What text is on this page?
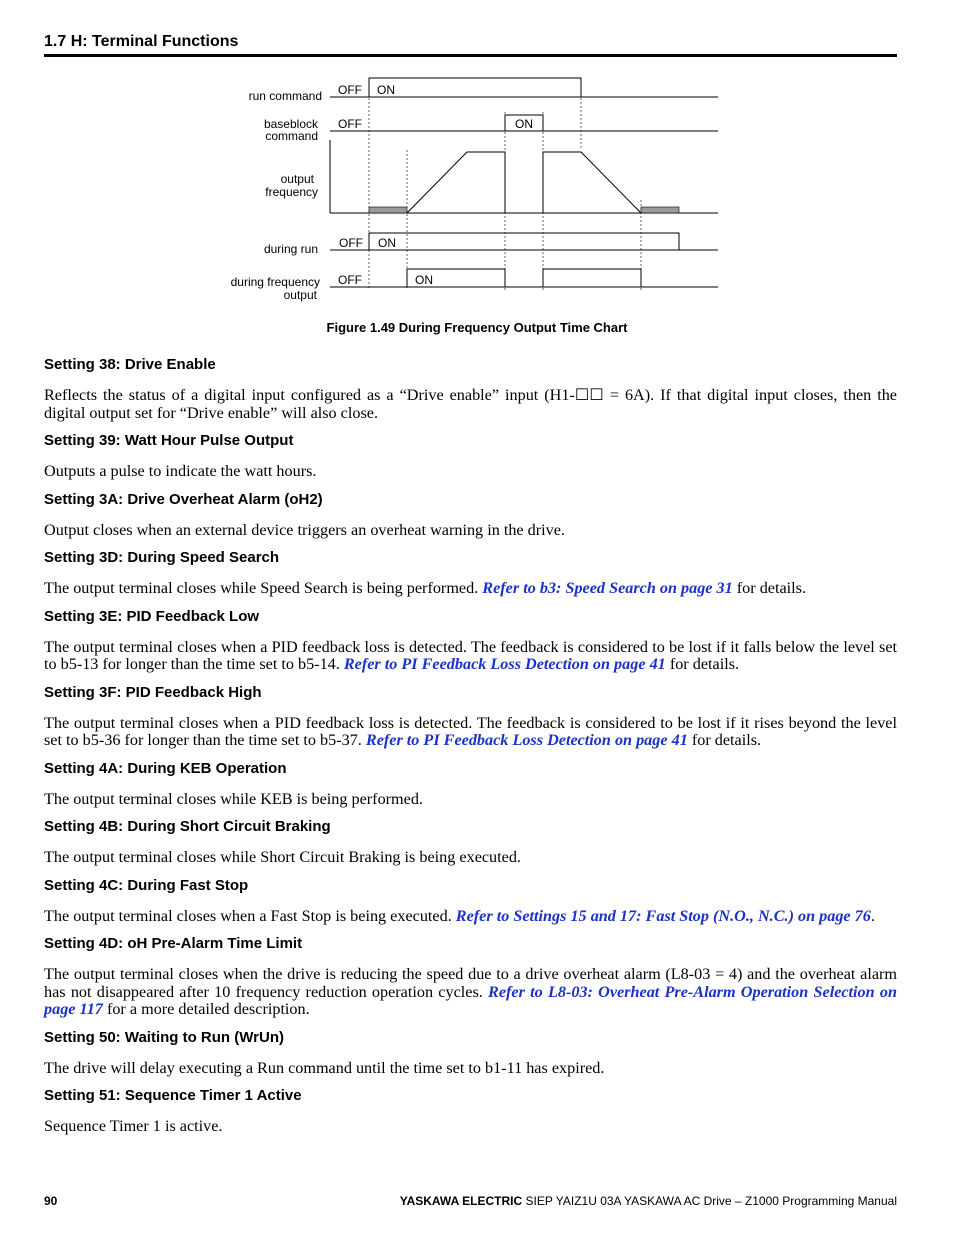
1.7 H: Terminal Functions
run command
baseblock
command
output
frequency
during run
during frequency
output
OFF ON
OFF	ON
OFF ON
OFF	ON
Figure 1.49 During Frequency Output Time Chart
Setting 38: Drive Enable

Reflects the status of a digital input configured as a “Drive enable” input (H1-☐☐ = 6A). If that digital input closes, then the digital output set for “Drive enable” will also close.

Setting 39: Watt Hour Pulse Output

Outputs a pulse to indicate the watt hours.

Setting 3A: Drive Overheat Alarm (oH2)

Output closes when an external device triggers an overheat warning in the drive.

Setting 3D: During Speed Search

The output terminal closes while Speed Search is being performed. Refer to b3: Speed Search on page 31 for details.

Setting 3E: PID Feedback Low

The output terminal closes when a PID feedback loss is detected. The feedback is considered to be lost if it falls below the level set to b5-13 for longer than the time set to b5-14. Refer to PI Feedback Loss Detection on page 41 for details.

Setting 3F: PID Feedback High

The output terminal closes when a PID feedback loss is detected. The feedback is considered to be lost if it rises beyond the level set to b5-36 for longer than the time set to b5-37. Refer to PI Feedback Loss Detection on page 41 for details.

Setting 4A: During KEB Operation

The output terminal closes while KEB is being performed.

Setting 4B: During Short Circuit Braking

The output terminal closes while Short Circuit Braking is being executed.

Setting 4C: During Fast Stop

The output terminal closes when a Fast Stop is being executed. Refer to Settings 15 and 17: Fast Stop (N.O., N.C.) on page 76.

Setting 4D: oH Pre-Alarm Time Limit

The output terminal closes when the drive is reducing the speed due to a drive overheat alarm (L8-03 = 4) and the overheat alarm has not disappeared after 10 frequency reduction operation cycles. Refer to L8-03: Overheat Pre-Alarm Operation Selection on page 117 for a more detailed description.

Setting 50: Waiting to Run (WrUn)

The drive will delay executing a Run command until the time set to b1-11 has expired.

Setting 51: Sequence Timer 1 Active

Sequence Timer 1 is active.

90	YASKAWA ELECTRIC SIEP YAIZ1U 03A YASKAWA AC Drive – Z1000 Programming Manual
